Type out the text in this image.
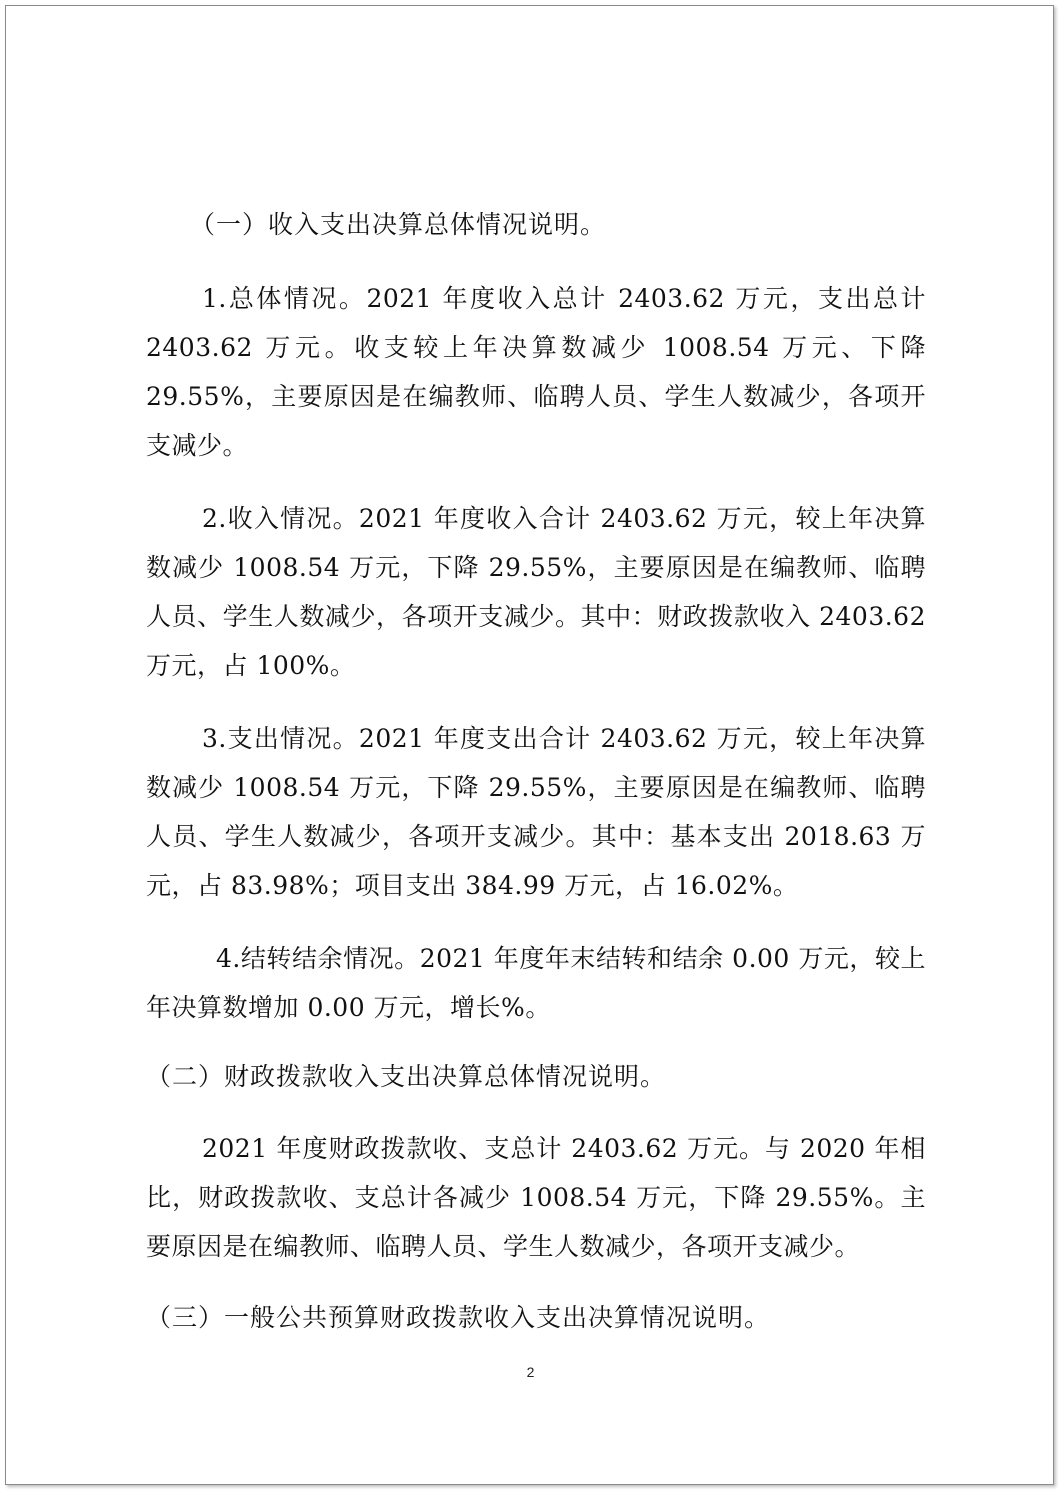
（一）收入支出决算总体情况说明。

1.总体情况。2021 年度收入总计 2403.62 万元，支出总计 2403.62 万元。收支较上年决算数减少 1008.54 万元、下降 29.55%，主要原因是在编教师、临聘人员、学生人数减少，各项开支减少。

2.收入情况。2021 年度收入合计 2403.62 万元，较上年决算数减少 1008.54 万元，下降 29.55%，主要原因是在编教师、临聘人员、学生人数减少，各项开支减少。其中：财政拨款收入 2403.62 万元，占 100%。

3.支出情况。2021 年度支出合计 2403.62 万元，较上年决算数减少 1008.54 万元，下降 29.55%，主要原因是在编教师、临聘人员、学生人数减少，各项开支减少。其中：基本支出 2018.63 万元，占 83.98%；项目支出 384.99 万元，占 16.02%。

4.结转结余情况。2021 年度年末结转和结余 0.00 万元，较上年决算数增加 0.00 万元，增长%。

（二）财政拨款收入支出决算总体情况说明。

2021 年度财政拨款收、支总计 2403.62 万元。与 2020 年相比，财政拨款收、支总计各减少 1008.54 万元，下降 29.55%。主要原因是在编教师、临聘人员、学生人数减少，各项开支减少。

（三）一般公共预算财政拨款收入支出决算情况说明。

2
